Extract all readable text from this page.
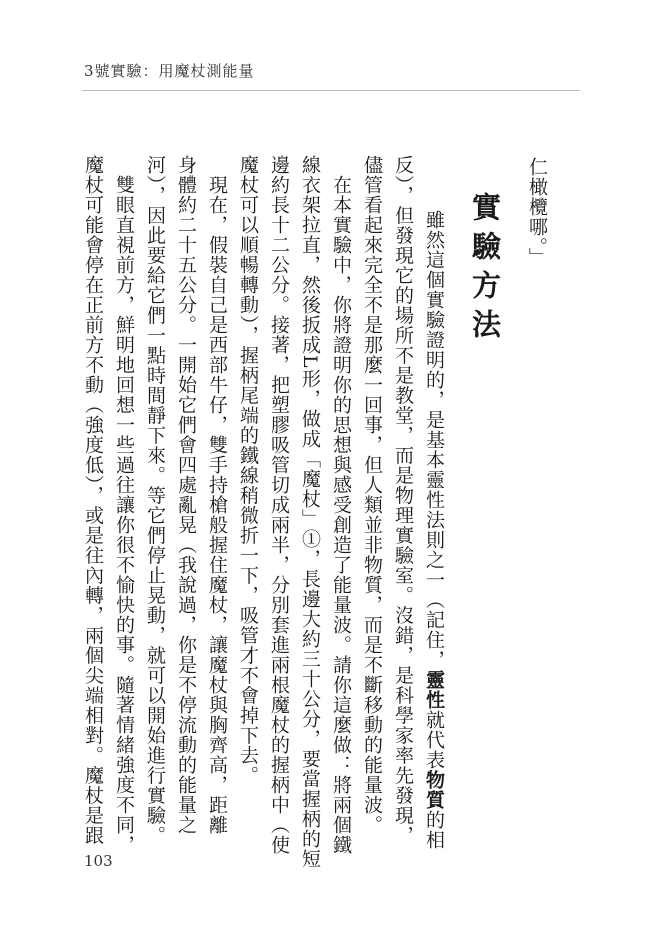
3號實驗：用魔杖測能量
仁橄欖哪。」
實驗方法
雖然這個實驗證明的，是基本靈性法則之一（記住，靈性就代表物質的相
反），但發現它的場所不是教堂，而是物理實驗室。沒錯，是科學家率先發現，
儘管看起來完全不是那麼一回事，但人類並非物質，而是不斷移動的能量波。
在本實驗中，你將證明你的思想與感受創造了能量波。請你這麼做：將兩個鐵
線衣架拉直，然後扳成L形，做成「魔杖」①，長邊大約三十公分，要當握柄的短
邊約長十二公分。接著，把塑膠吸管切成兩半，分別套進兩根魔杖的握柄中（使
魔杖可以順暢轉動），握柄尾端的鐵線稍微折一下，吸管才不會掉下去。
現在，假裝自己是西部牛仔，雙手持槍般握住魔杖，讓魔杖與胸齊高，距離
身體約二十五公分。一開始它們會四處亂晃（我說過，你是不停流動的能量之
河），因此要給它們一點時間靜下來。等它們停止晃動，就可以開始進行實驗。
雙眼直視前方，鮮明地回想一些過往讓你很不愉快的事。隨著情緒強度不同，
魔杖可能會停在正前方不動（強度低），或是往內轉，兩個尖端相對。魔杖是跟
103
